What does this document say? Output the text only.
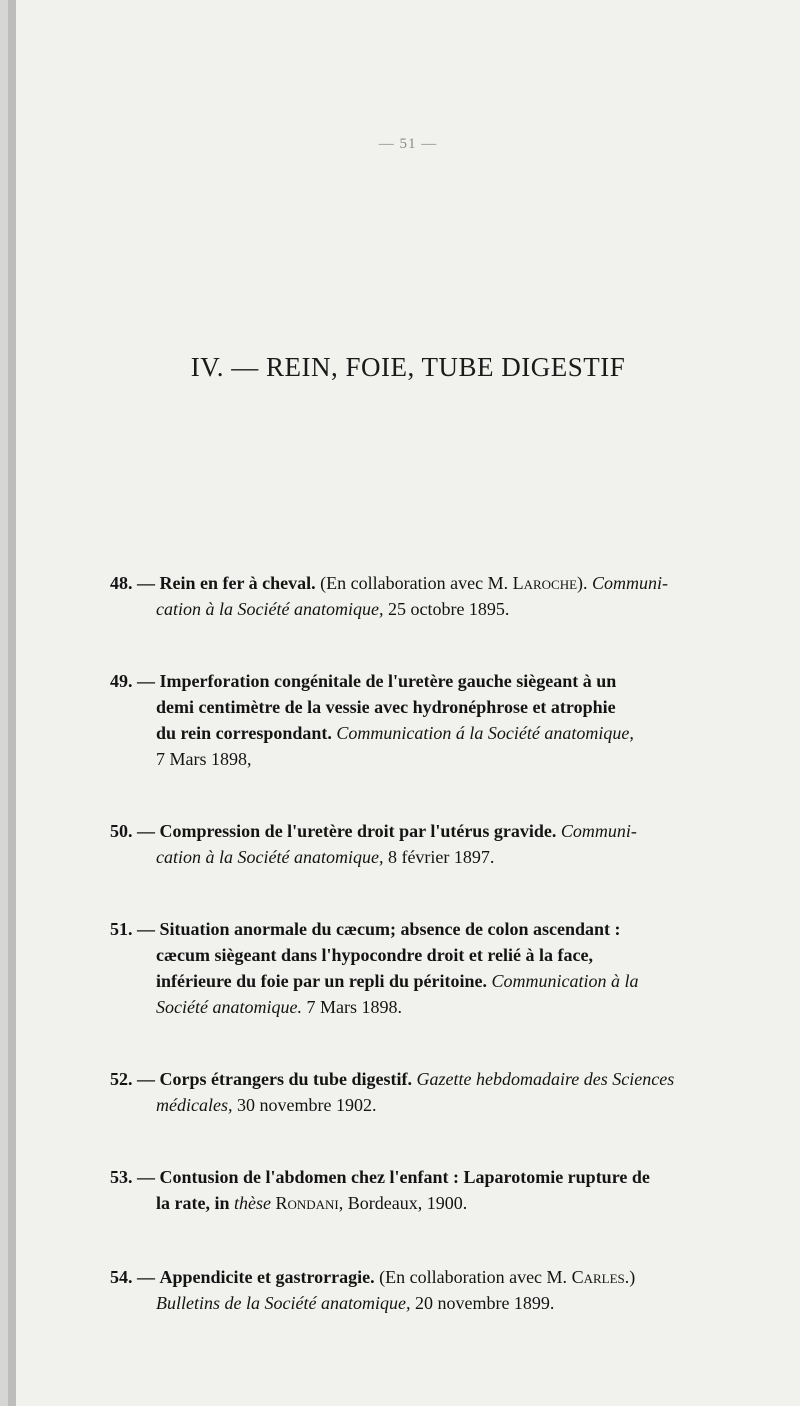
— 51 —
IV. — REIN, FOIE, TUBE DIGESTIF
48. — Rein en fer à cheval. (En collaboration avec M. Laroche). Communi-
cation à la Société anatomique, 25 octobre 1895.
49. — Imperforation congénitale de l'uretère gauche siègeant à un
demi centimètre de la vessie avec hydronéphrose et atrophie
du rein correspondant. Communication á la Société anatomique,
7 Mars 1898,
50. — Compression de l'uretère droit par l'utérus gravide. Communi-
cation à la Société anatomique, 8 février 1897.
51. — Situation anormale du cæcum; absence de colon ascendant :
cæcum siègeant dans l'hypocondre droit et relié à la face,
inférieure du foie par un repli du péritoine. Communication à la
Société anatomique. 7 Mars 1898.
52. — Corps étrangers du tube digestif. Gazette hebdomadaire des Sciences
médicales, 30 novembre 1902.
53. — Contusion de l'abdomen chez l'enfant : Laparotomie rupture de
la rate, in thèse Rondani, Bordeaux, 1900.
54. — Appendicite et gastrorragie. (En collaboration avec M. Carles.)
Bulletins de la Société anatomique, 20 novembre 1899.
